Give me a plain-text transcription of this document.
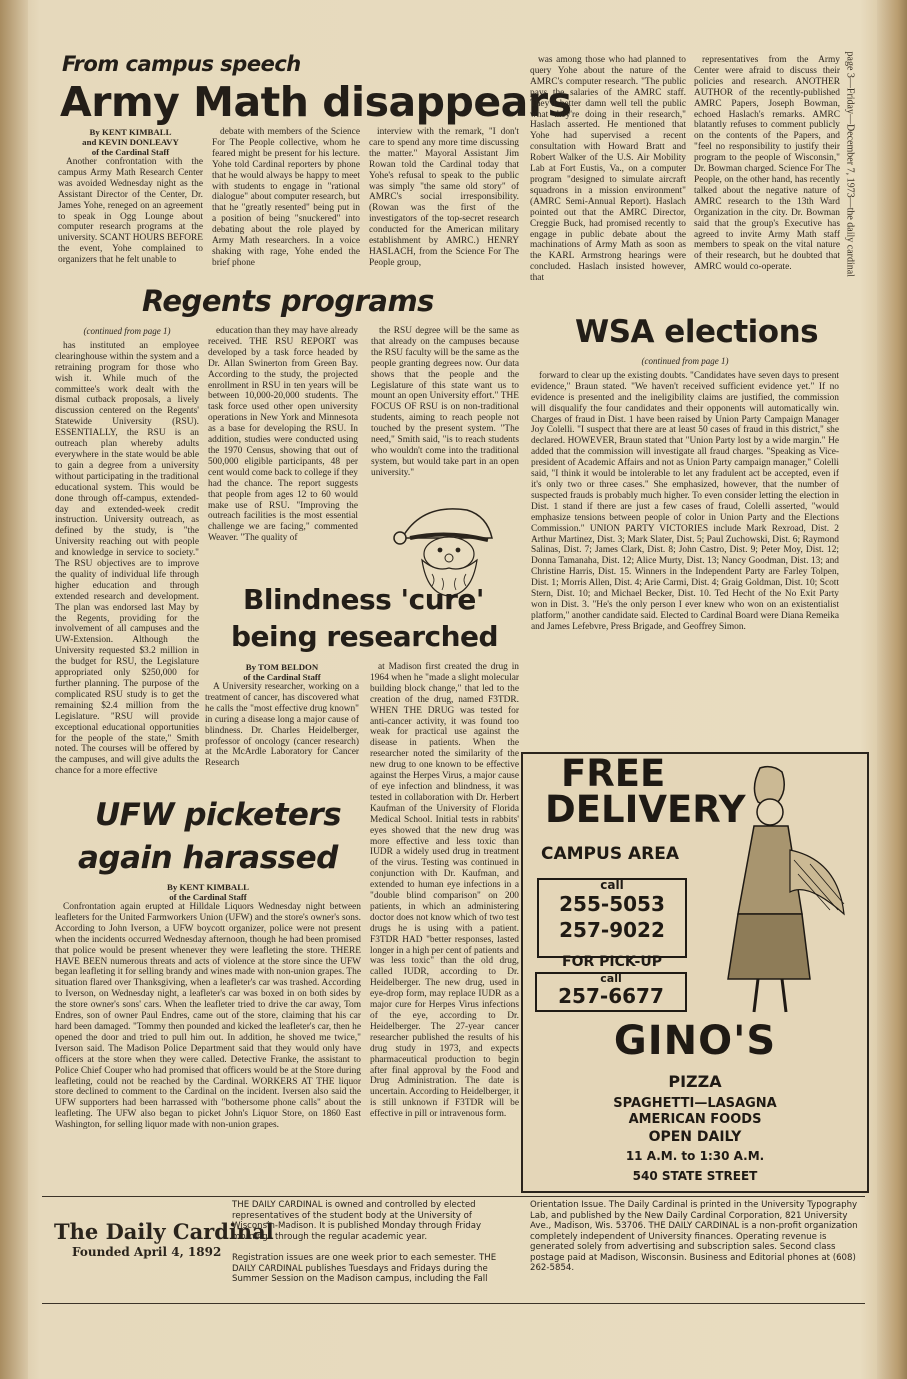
From campus speech
Army Math disappears
By KENT KIMBALL
and KEVIN DONLEAVY
of the Cardinal Staff

Another confrontation with the campus Army Math Research Center was avoided Wednesday night as the Assistant Director of the Center, Dr. James Yohe, reneged on an agreement to speak in Ogg Lounge about computer research programs at the university. SCANT HOURS BEFORE the event, Yohe complained to organizers that he felt unable to

debate with members of the Science For The People collective, whom he feared might be present for his lecture. Yohe told Cardinal reporters by phone that he would always be happy to meet with students to engage in "rational dialogue" about computer research, but that he "greatly resented" being put in a position of being "snuckered" into debating about the role played by Army Math researchers. In a voice shaking with rage, Yohe ended the brief phone

interview with the remark, "I don't care to spend any more time discussing the matter." Mayoral Assistant Jim Rowan told the Cardinal today that Yohe's refusal to speak to the public was simply "the same old story" of AMRC's social irresponsibility. (Rowan was the first of the investigators of the top-secret research conducted for the American military establishment by AMRC.) HENRY HASLACH, from the Science For The People group,

was among those who had planned to query Yohe about the nature of the AMRC's computer research. "The public pays the salaries of the AMRC staff. They'd better damn well tell the public what they're doing in their research," Haslach asserted. He mentioned that Yohe had supervised a recent consultation with Howard Bratt and Robert Walker of the U.S. Air Mobility Lab at Fort Eustis, Va., on a computer program "designed to simulate aircraft squadrons in a mission environment" (AMRC Semi-Annual Report). Haslach pointed out that the AMRC Director, Creggie Buck, had promised recently to engage in public debate about the machinations of Army Math as soon as the KARL Armstrong hearings were concluded. Haslach insisted however, that

representatives from the Army Center were afraid to discuss their policies and research. ANOTHER AUTHOR of the recently-published AMRC Papers, Joseph Bowman, echoed Haslach's remarks. AMRC blatantly refuses to comment publicly on the contents of the Papers, and "feel no responsibility to justify their program to the people of Wisconsin," Dr. Bowman charged. Science For The People, on the other hand, has recently talked about the negative nature of AMRC research to the 13th Ward Organization in the city. Dr. Bowman said that the group's Executive has agreed to invite Army Math staff members to speak on the vital nature of their research, but he doubted that AMRC would co-operate.	page 3—Friday—December 7, 1973—the daily cardinal
Regents programs
(continued from page 1)

has instituted an employee clearinghouse within the system and a retraining program for those who wish it. While much of the committee's work dealt with the dismal cutback proposals, a lively discussion centered on the Regents' Statewide University (RSU). ESSENTIALLY, the RSU is an outreach plan whereby adults everywhere in the state would be able to gain a degree from a university without participating in the traditional educational system. This would be done through off-campus, extended-day and extended-week credit instruction. University outreach, as defined by the study, is "the University reaching out with people and knowledge in service to society." The RSU objectives are to improve the quality of individual life through higher education and through extended research and development. The plan was endorsed last May by the Regents, providing for the involvement of all campuses and the UW-Extension. Although the University requested $3.2 million in the budget for RSU, the Legislature appropriated only $250,000 for further planning. The purpose of the complicated RSU study is to get the remaining $2.4 million from the Legislature. "RSU will provide exceptional educational opportunities for the people of the state," Smith noted. The courses will be offered by the campuses, and will give adults the chance for a more effective

education than they may have already received. THE RSU REPORT was developed by a task force headed by Dr. Allan Swinerton from Green Bay. According to the study, the projected enrollment in RSU in ten years will be between 10,000-20,000 students. The task force used other open university operations in New York and Minnesota as a base for developing the RSU. In addition, studies were conducted using the 1970 Census, showing that out of 500,000 eligible participants, 48 per cent would come back to college if they had the chance. The report suggests that people from ages 12 to 60 would make use of RSU. "Improving the outreach facilities is the most essential challenge we are facing," commented Weaver. "The quality of

the RSU degree will be the same as that already on the campuses because the RSU faculty will be the same as the people granting degrees now. Our data shows that the people and the Legislature of this state want us to mount an open University effort." THE FOCUS OF RSU is on non-traditional students, aiming to reach people not touched by the present system. "The need," Smith said, "is to reach students who wouldn't come into the traditional system, but would take part in an open university."

Blindness 'cure'
being researched
By TOM BELDON
of the Cardinal Staff

A University researcher, working on a treatment of cancer, has discovered what he calls the "most effective drug known" in curing a disease long a major cause of blindness. Dr. Charles Heidelberger, professor of oncology (cancer research) at the McArdle Laboratory for Cancer Research

at Madison first created the drug in 1964 when he "made a slight molecular building block change," that led to the creation of the drug, named F3TDR. WHEN THE DRUG was tested for anti-cancer activity, it was found too weak for practical use against the disease in patients. When the researcher noted the similarity of the new drug to one known to be effective against the Herpes Virus, a major cause of eye infection and blindness, it was tested in collaboration with Dr. Herbert Kaufman of the University of Florida Medical School. Initial tests in rabbits' eyes showed that the new drug was more effective and less toxic than IUDR a widely used drug in treatment of the virus. Testing was continued in conjunction with Dr. Kaufman, and extended to human eye infections in a "double blind comparison" on 200 patients, in which an administering doctor does not know which of two test drugs he is using with a patient. F3TDR HAD "better responses, lasted longer in a high per cent of patients and was less toxic" than the old drug, called IUDR, according to Dr. Heidelberger. The new drug, used in eye-drop form, may replace IUDR as a major cure for Herpes Virus infections of the eye, according to Dr. Heidelberger. The 27-year cancer researcher published the results of his drug study in 1973, and expects pharmaceutical production to begin after final approval by the Food and Drug Administration. The date is uncertain. According to Heidelberger, it is still unknown if F3TDR will be effective in pill or intravenous form.

UFW picketers
again harassed
By KENT KIMBALL
of the Cardinal Staff

Confrontation again erupted at Hilldale Liquors Wednesday night between leafleters for the United Farmworkers Union (UFW) and the store's owner's sons. According to John Iverson, a UFW boycott organizer, police were not present when the incidents occurred Wednesday afternoon, though he had been promised that police would be present whenever they were leafleting the store. THERE HAVE BEEN numerous threats and acts of violence at the store since the UFW began leafleting it for selling brandy and wines made with non-union grapes. The situation flared over Thanksgiving, when a leafleter's car was trashed. According to Iverson, on Wednesday night, a leafleter's car was boxed in on both sides by the store owner's sons' cars. When the leafleter tried to drive the car away, Tom Endres, son of owner Paul Endres, came out of the store, claiming that his car hard been damaged. "Tommy then pounded and kicked the leafleter's car, then he opened the door and tried to pull him out. In addition, he shoved me twice," Iverson said. The Madison Police Department said that they would only have officers at the store when they were called. Detective Franke, the assistant to Police Chief Couper who had promised that officers would be at the Store during leafleting, could not be reached by the Cardinal. WORKERS AT THE liquor store declined to comment to the Cardinal on the incident. Iversen also said the UFW supporters had been harrassed with "bothersome phone calls" about the leafleting. The UFW also began to picket John's Liquor Store, on 1860 East Washington, for selling liquor made with non-union grapes.

WSA elections
(continued from page 1)

forward to clear up the existing doubts. "Candidates have seven days to present evidence," Braun stated. "We haven't received sufficient evidence yet." If no evidence is presented and the ineligibility claims are justified, the commission will disqualify the four candidates and their opponents will automatically win. Charges of fraud in Dist. 1 have been raised by Union Party Campaign Manager Joy Colelli. "I suspect that there are at least 50 cases of fraud in this district," she declared. HOWEVER, Braun stated that "Union Party lost by a wide margin." He added that the commission will investigate all fraud charges. "Speaking as Vice-president of Academic Affairs and not as Union Party campaign manager," Colelli said, "I think it would be intolerable to let any fradulent act be accepted, even if it's only two or three cases." She emphasized, however, that the number of suspected frauds is probably much higher. To even consider letting the election in Dist. 1 stand if there are just a few cases of fraud, Colelli asserted, "would emphasize tensions between people of color in Union Party and the Elections Commission." UNION PARTY VICTORIES include Mark Rexroad, Dist. 2 Arthur Martinez, Dist. 3; Mark Slater, Dist. 5; Paul Zuchowski, Dist. 6; Raymond Salinas, Dist. 7; James Clark, Dist. 8; John Castro, Dist. 9; Peter Moy, Dist. 12; Donna Tamanaha, Dist. 12; Alice Murty, Dist. 13; Nancy Goodman, Dist. 13; and Christine Harris, Dist. 15. Winners in the Independent Party are Farley Tolpen, Dist. 1; Morris Allen, Dist. 4; Arie Carmi, Dist. 4; Graig Goldman, Dist. 10; Scott Stern, Dist. 10; and Michael Becker, Dist. 10. Ted Hecht of the No Exit Party won in Dist. 3. "He's the only person I ever knew who won on an existentialist platform," another candidate said. Elected to Cardinal Board were Diana Remeika and James Lefebvre, Press Brigade, and Geoffrey Simon.

FREE
DELIVERY
CAMPUS AREA
call
255-5053
257-9022
FOR PICK-UP
call
257-6677
GINO'S
PIZZA
SPAGHETTI—LASAGNA
AMERICAN FOODS
OPEN DAILY
11 A.M. to 1:30 A.M.
540 STATE STREET
The Daily Cardinal
Founded April 4, 1892
THE DAILY CARDINAL is owned and controlled by elected representatives of the student body at the University of Wisconsin-Madison. It is published Monday through Friday mornings through the regular academic year.
Registration issues are one week prior to each semester. THE DAILY CARDINAL publishes Tuesdays and Fridays during the Summer Session on the Madison campus, including the Fall
Orientation Issue. The Daily Cardinal is printed in the University Typography Lab, and published by the New Daily Cardinal Corporation, 821 University Ave., Madison, Wis. 53706. THE DAILY CARDINAL is a non-profit organization completely independent of University finances. Operating revenue is generated solely from advertising and subscription sales. Second class postage paid at Madison, Wisconsin. Business and Editorial phones at (608) 262-5854.
